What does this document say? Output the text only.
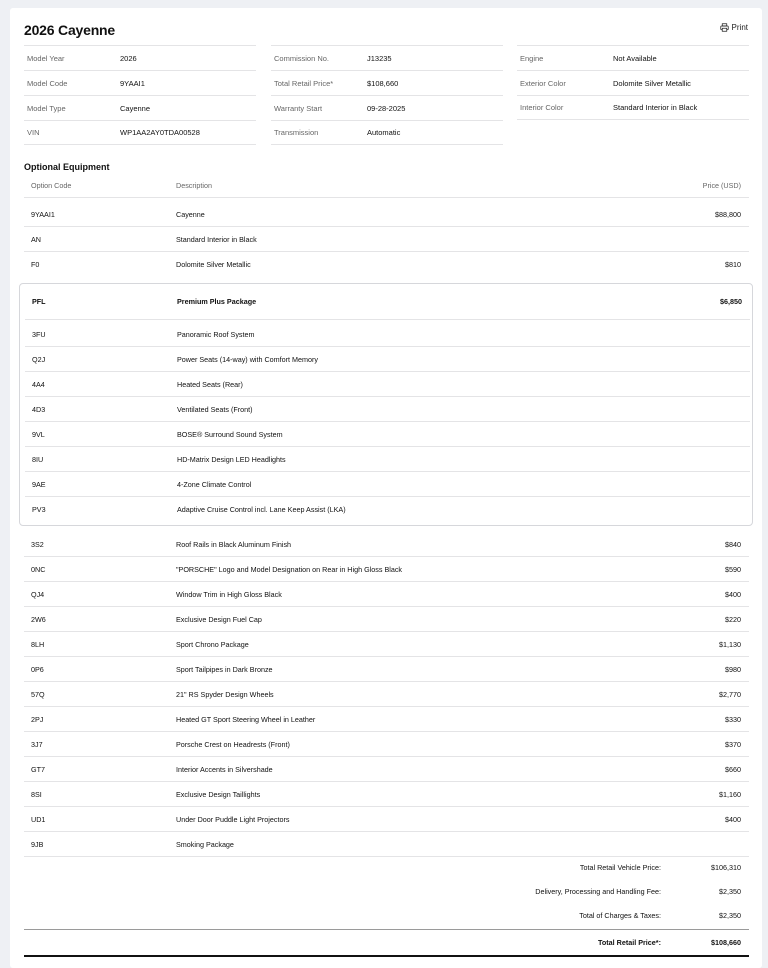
2026 Cayenne	Print
Model Year	2026
Model Code	9YAAI1
Model Type	Cayenne
VIN	WP1AA2AY0TDA00528
Commission No.	J13235
Total Retail Price*	$108,660
Warranty Start	09-28-2025
Transmission	Automatic
Engine	Not Available
Exterior Color	Dolomite Silver Metallic
Interior Color	Standard Interior in Black
Optional Equipment
Option Code	Description	Price (USD)
9YAAI1	Cayenne	$88,800
AN	Standard Interior in Black
F0	Dolomite Silver Metallic	$810
PFL	Premium Plus Package	$6,850
3FU	Panoramic Roof System
Q2J	Power Seats (14-way) with Comfort Memory
4A4	Heated Seats (Rear)
4D3	Ventilated Seats (Front)
9VL	BOSE® Surround Sound System
8IU	HD-Matrix Design LED Headlights
9AE	4-Zone Climate Control
PV3	Adaptive Cruise Control incl. Lane Keep Assist (LKA)
3S2	Roof Rails in Black Aluminum Finish	$840
0NC	"PORSCHE" Logo and Model Designation on Rear in High Gloss Black	$590
QJ4	Window Trim in High Gloss Black	$400
2W6	Exclusive Design Fuel Cap	$220
8LH	Sport Chrono Package	$1,130
0P6	Sport Tailpipes in Dark Bronze	$980
57Q	21" RS Spyder Design Wheels	$2,770
2PJ	Heated GT Sport Steering Wheel in Leather	$330
3J7	Porsche Crest on Headrests (Front)	$370
GT7	Interior Accents in Silvershade	$660
8SI	Exclusive Design Taillights	$1,160
UD1	Under Door Puddle Light Projectors	$400
9JB	Smoking Package
Total Retail Vehicle Price:	$106,310
Delivery, Processing and Handling Fee:	$2,350
Total of Charges & Taxes:	$2,350
Total Retail Price*:	$108,660
